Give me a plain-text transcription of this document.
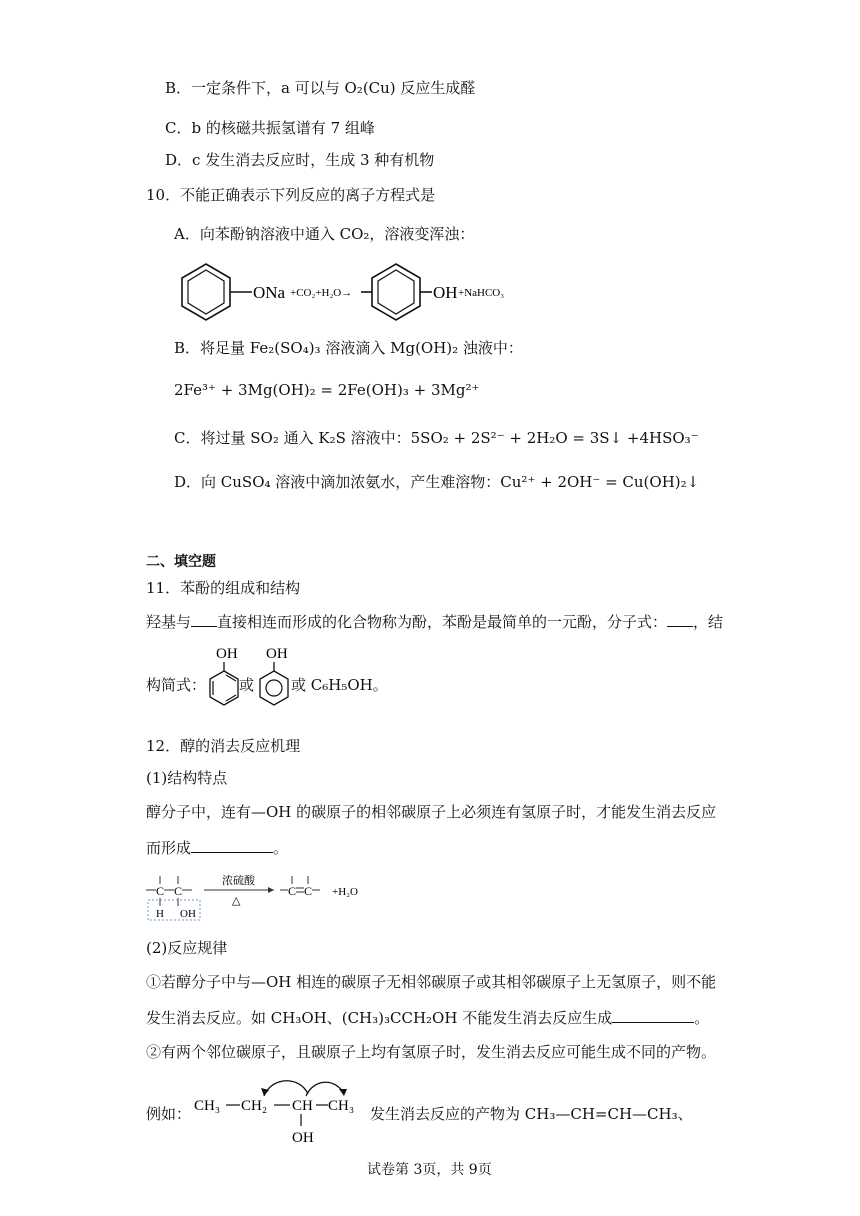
B．一定条件下，a 可以与 O₂(Cu) 反应生成醛
C．b 的核磁共振氢谱有 7 组峰
D．c 发生消去反应时，生成 3 种有机物
10．不能正确表示下列反应的离子方程式是
A．向苯酚钠溶液中通入 CO₂，溶液变浑浊：
ONa +CO₂+H₂O→	OH +NaHCO₃
B．将足量 Fe₂(SO₄)₃ 溶液滴入 Mg(OH)₂ 浊液中：
2Fe³⁺ + 3Mg(OH)₂ = 2Fe(OH)₃ + 3Mg²⁺
C．将过量 SO₂ 通入 K₂S 溶液中：5SO₂ + 2S²⁻ + 2H₂O = 3S↓ +4HSO₃⁻
D．向 CuSO₄ 溶液中滴加浓氨水，产生难溶物：Cu²⁺ + 2OH⁻ = Cu(OH)₂↓
二、填空题
11．苯酚的组成和结构
羟基与 直接相连而形成的化合物称为酚，苯酚是最简单的一元酚，分子式： ，结
构简式：
OH OH
或 或 C₆H₅OH。
12．醇的消去反应机理
(1)结构特点
醇分子中，连有—OH 的碳原子的相邻碳原子上必须连有氢原子时，才能发生消去反应
而形成	。
C C
H OH
浓硫酸
△
C C +H₂O
(2)反应规律
①若醇分子中与—OH 相连的碳原子无相邻碳原子或其相邻碳原子上无氢原子，则不能
发生消去反应。如 CH₃OH、(CH₃)₃CCH₂OH 不能发生消去反应生成	。
②有两个邻位碳原子，且碳原子上均有氢原子时，发生消去反应可能生成不同的产物。
例如： CH₃ CH₂ CH CH₃
OH
发生消去反应的产物为 CH₃—CH=CH—CH₃、
试卷第 3页，共 9页
